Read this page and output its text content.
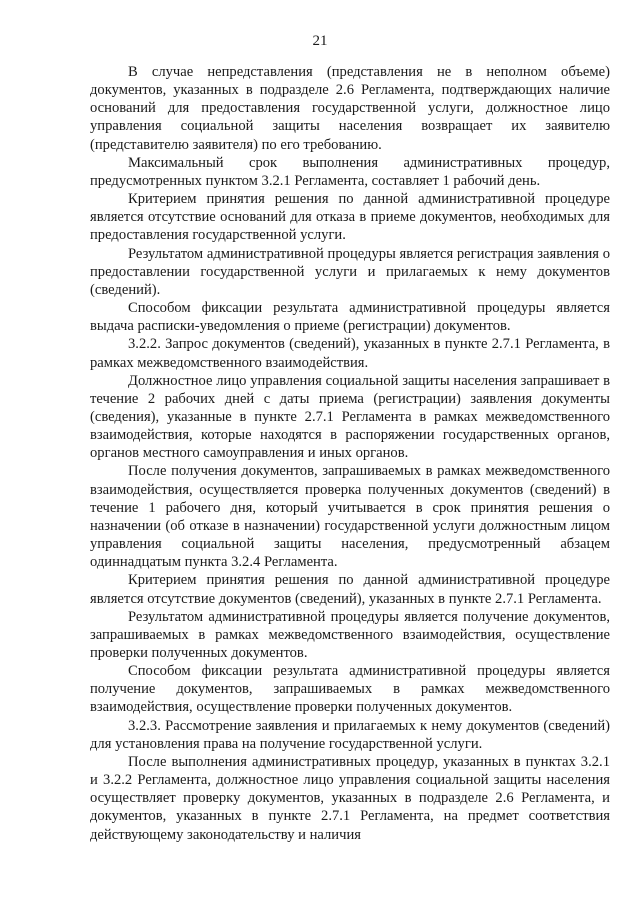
21

В случае непредставления (представления не в неполном объеме) документов, указанных в подразделе 2.6 Регламента, подтверждающих наличие оснований для предоставления государственной услуги, должностное лицо управления социальной защиты населения возвращает их заявителю (представителю заявителя) по его требованию.

Максимальный срок выполнения административных процедур, предусмотренных пунктом 3.2.1 Регламента, составляет 1 рабочий день.

Критерием принятия решения по данной административной процедуре является отсутствие оснований для отказа в приеме документов, необходимых для предоставления государственной услуги.

Результатом административной процедуры является регистрация заявления о предоставлении государственной услуги и прилагаемых к нему документов (сведений).

Способом фиксации результата административной процедуры является выдача расписки-уведомления о приеме (регистрации) документов.

3.2.2. Запрос документов (сведений), указанных в пункте 2.7.1 Регламента, в рамках межведомственного взаимодействия.

Должностное лицо управления социальной защиты населения запрашивает в течение 2 рабочих дней с даты приема (регистрации) заявления документы (сведения), указанные в пункте 2.7.1 Регламента в рамках межведомственного взаимодействия, которые находятся в распоряжении государственных органов, органов местного самоуправления и иных органов.

После получения документов, запрашиваемых в рамках межведомственного взаимодействия, осуществляется проверка полученных документов (сведений) в течение 1 рабочего дня, который учитывается в срок принятия решения о назначении (об отказе в назначении) государственной услуги должностным лицом управления социальной защиты населения, предусмотренный абзацем одиннадцатым пункта 3.2.4 Регламента.

Критерием принятия решения по данной административной процедуре является отсутствие документов (сведений), указанных в пункте 2.7.1 Регламента.

Результатом административной процедуры является получение документов, запрашиваемых в рамках межведомственного взаимодействия, осуществление проверки полученных документов.

Способом фиксации результата административной процедуры является получение документов, запрашиваемых в рамках межведомственного взаимодействия, осуществление проверки полученных документов.

3.2.3. Рассмотрение заявления и прилагаемых к нему документов (сведений) для установления права на получение государственной услуги.

После выполнения административных процедур, указанных в пунктах 3.2.1 и 3.2.2 Регламента, должностное лицо управления социальной защиты населения осуществляет проверку документов, указанных в подразделе 2.6 Регламента, и документов, указанных в пункте 2.7.1 Регламента, на предмет соответствия действующему законодательству и наличия
